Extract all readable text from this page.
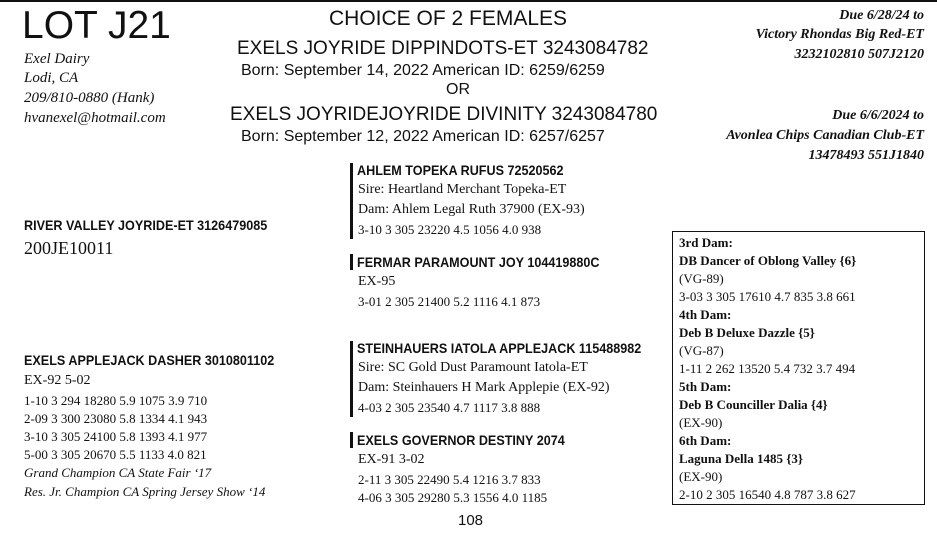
LOT J21
Exel Dairy
Lodi, CA
209/810-0880 (Hank)
hvanexel@hotmail.com
CHOICE OF 2 FEMALES
EXELS JOYRIDE DIPPINDOTS-ET 3243084782
Born: September 14, 2022 American ID: 6259/6259
OR
EXELS JOYRIDEJOYRIDE DIVINITY 3243084780
Born: September 12, 2022 American ID: 6257/6257
Due 6/28/24 to
Victory Rhondas Big Red-ET
3232102810 507J2120
Due 6/6/2024 to
Avonlea Chips Canadian Club-ET
13478493 551J1840
RIVER VALLEY JOYRIDE-ET 3126479085
200JE10011
AHLEM TOPEKA RUFUS 72520562
Sire: Heartland Merchant Topeka-ET
Dam: Ahlem Legal Ruth 37900 (EX-93)
3-10 3 305 23220 4.5 1056 4.0 938
FERMAR PARAMOUNT JOY 104419880C
EX-95
3-01 2 305 21400 5.2 1116 4.1 873
EXELS APPLEJACK DASHER 3010801102
EX-92 5-02
1-10 3 294 18280 5.9 1075 3.9 710
2-09 3 300 23080 5.8 1334 4.1 943
3-10 3 305 24100 5.8 1393 4.1 977
5-00 3 305 20670 5.5 1133 4.0 821
Grand Champion CA State Fair ‘17
Res. Jr. Champion CA Spring Jersey Show ‘14
STEINHAUERS IATOLA APPLEJACK 115488982
Sire: SC Gold Dust Paramount Iatola-ET
Dam: Steinhauers H Mark Applepie (EX-92)
4-03 2 305 23540 4.7 1117 3.8 888
EXELS GOVERNOR DESTINY 2074
EX-91 3-02
2-11 3 305 22490 5.4 1216 3.7 833
4-06 3 305 29280 5.3 1556 4.0 1185
3rd Dam:
DB Dancer of Oblong Valley {6}
(VG-89)
3-03 3 305 17610 4.7 835 3.8 661
4th Dam:
Deb B Deluxe Dazzle {5}
(VG-87)
1-11 2 262 13520 5.4 732 3.7 494
5th Dam:
Deb B Counciller Dalia {4}
(EX-90)
6th Dam:
Laguna Della 1485 {3}
(EX-90)
2-10 2 305 16540 4.8 787 3.8 627
108
